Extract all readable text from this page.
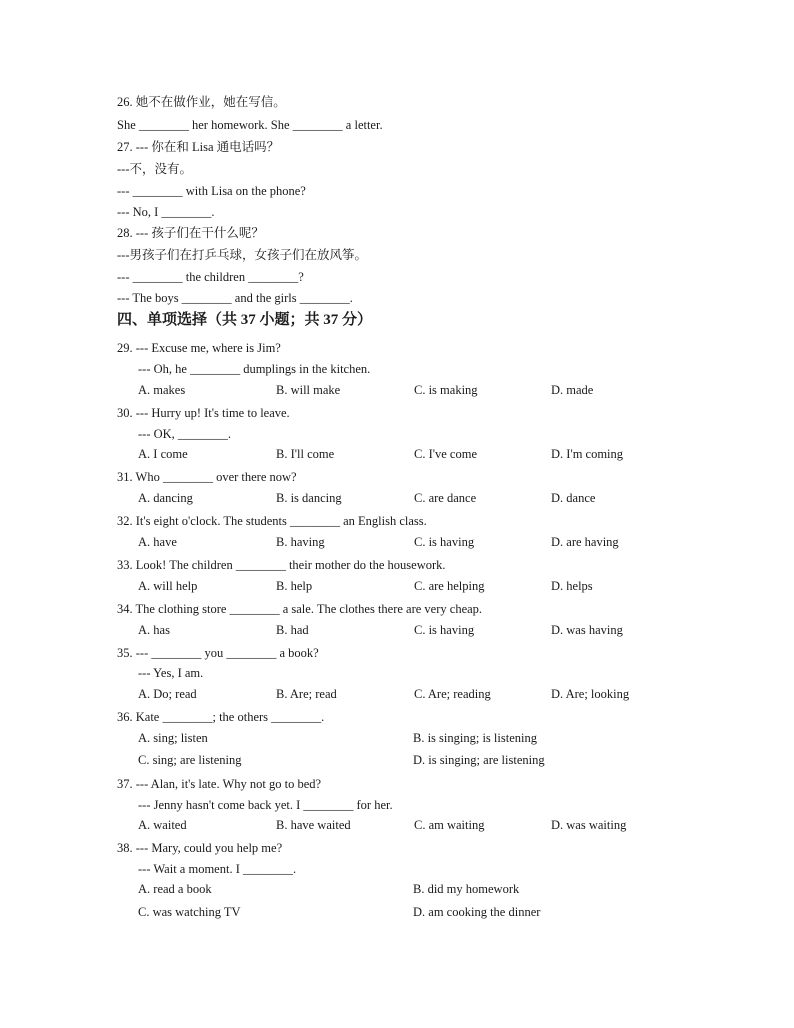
26. 她不在做作业，她在写信。
She ________ her homework. She ________ a letter.
27. --- 你在和 Lisa 通电话吗？
---不，没有。
--- ________ with Lisa on the phone?
--- No, I ________.
28. --- 孩子们在干什么呢？
---男孩子们在打乒乓球，女孩子们在放风筝。
--- ________ the children ________?
--- The boys ________ and the girls ________.
四、单项选择（共 37 小题；共 37 分）
29. --- Excuse me, where is Jim?
--- Oh, he ________ dumplings in the kitchen.
A. makes	B. will make	C. is making	D. made
30. --- Hurry up! It's time to leave.
--- OK, ________.
A. I come	B. I'll come	C. I've come	D. I'm coming
31. Who ________ over there now?
A. dancing	B. is dancing	C. are dance	D. dance
32. It's eight o'clock. The students ________ an English class.
A. have	B. having	C. is having	D. are having
33. Look! The children ________ their mother do the housework.
A. will help	B. help	C. are helping	D. helps
34. The clothing store ________ a sale. The clothes there are very cheap.
A. has	B. had	C. is having	D. was having
35. --- ________ you ________ a book?
--- Yes, I am.
A. Do; read	B. Are; read	C. Are; reading	D. Are; looking
36. Kate ________; the others ________.
A. sing; listen	B. is singing; is listening
C. sing; are listening	D. is singing; are listening
37. --- Alan, it's late. Why not go to bed?
--- Jenny hasn't come back yet. I ________ for her.
A. waited	B. have waited	C. am waiting	D. was waiting
38. --- Mary, could you help me?
--- Wait a moment. I ________.
A. read a book	B. did my homework
C. was watching TV	D. am cooking the dinner
